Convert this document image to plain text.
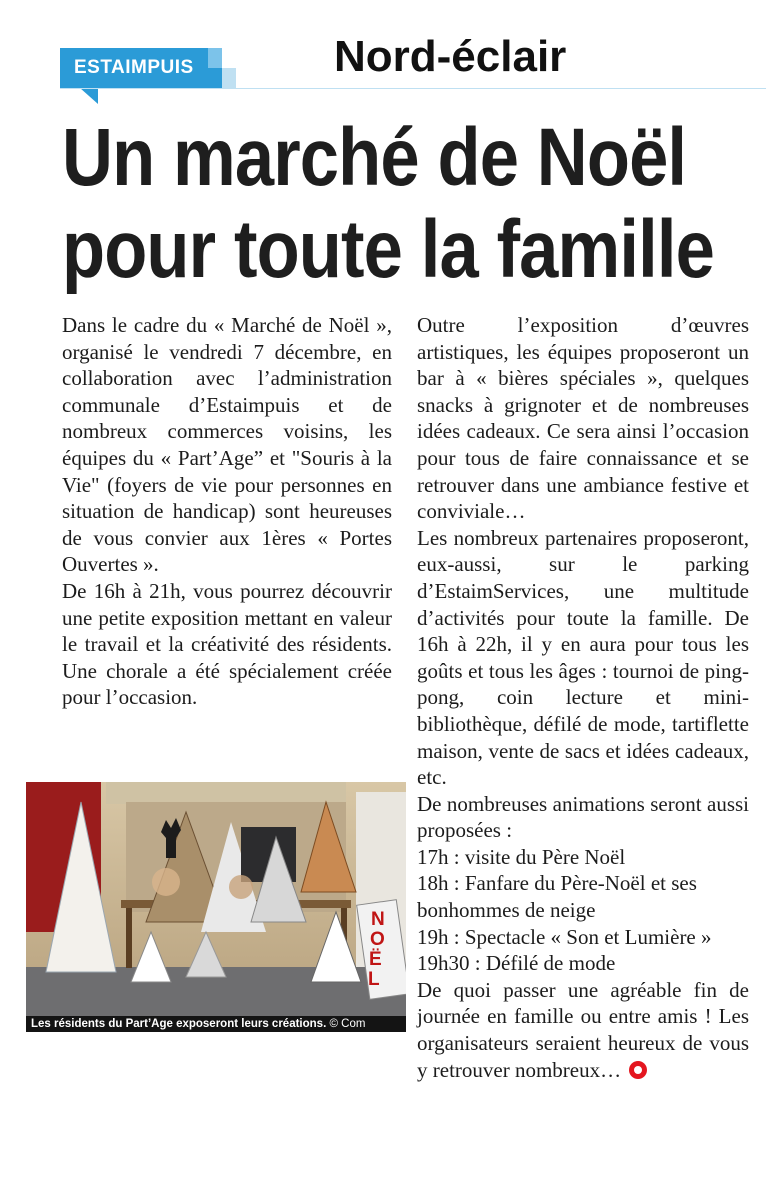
ESTAIMPUIS	Nord-éclair
Un marché de Noël
pour toute la famille

Dans le cadre du « Marché de Noël », organisé le vendredi 7 décembre, en collaboration avec l’administration communale d’Estaimpuis et de nombreux commerces voisins, les équipes du « Part’Age” et "Souris à la Vie" (foyers de vie pour personnes en situation de handicap) sont heureuses de vous convier aux 1ères « Portes Ouvertes ».

De 16h à 21h, vous pourrez découvrir une petite exposition mettant en valeur le travail et la créativité des résidents. Une chorale a été spécialement créée pour l’occasion.

N
O
Ë
L
Les résidents du Part’Age exposeront leurs créations. © Com

Outre l’exposition d’œuvres artistiques, les équipes proposeront un bar à « bières spéciales », quelques snacks à grignoter et de nombreuses idées cadeaux. Ce sera ainsi l’occasion pour tous de faire connaissance et se retrouver dans une ambiance festive et conviviale…

Les nombreux partenaires proposeront, eux-aussi, sur le parking d’EstaimServices, une multitude d’activités pour toute la famille. De 16h à 22h, il y en aura pour tous les goûts et tous les âges : tournoi de ping-pong, coin lecture et mini-bibliothèque, défilé de mode, tartiflette maison, vente de sacs et idées cadeaux, etc.

De nombreuses animations seront aussi proposées :

17h : visite du Père Noël

18h : Fanfare du Père-Noël et ses bonhommes de neige

19h : Spectacle « Son et Lumière »

19h30 : Défilé de mode

De quoi passer une agréable fin de journée en famille ou entre amis ! Les organisateurs seraient heureux de vous y retrouver nombreux…
